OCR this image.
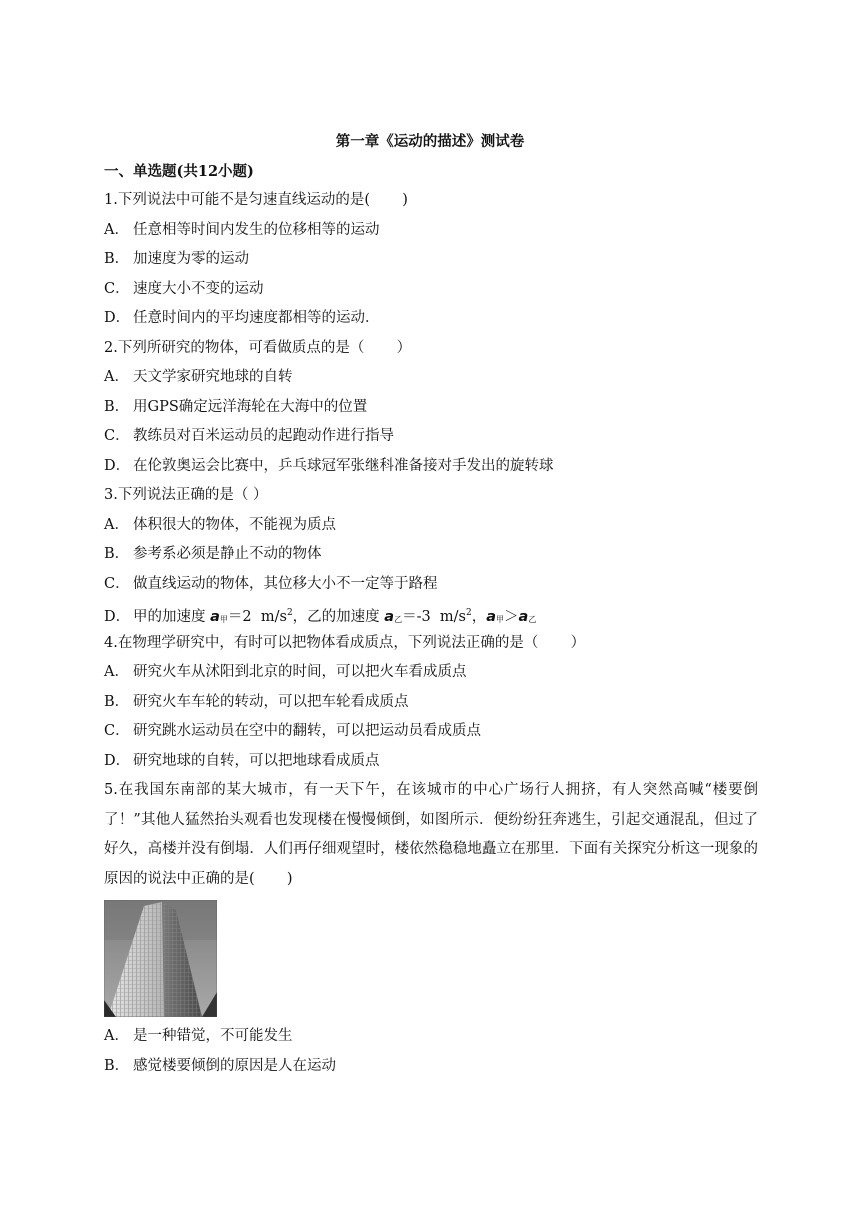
第一章《运动的描述》测试卷
一、单选题(共12小题)
1.下列说法中可能不是匀速直线运动的是(       )
A． 任意相等时间内发生的位移相等的运动
B． 加速度为零的运动
C． 速度大小不变的运动
D． 任意时间内的平均速度都相等的运动．
2.下列所研究的物体，可看做质点的是（       ）
A． 天文学家研究地球的自转
B． 用GPS确定远洋海轮在大海中的位置
C． 教练员对百米运动员的起跑动作进行指导
D． 在伦敦奥运会比赛中，乒乓球冠军张继科准备接对手发出的旋转球
3.下列说法正确的是（ ）
A． 体积很大的物体，不能视为质点
B． 参考系必须是静止不动的物体
C． 做直线运动的物体，其位移大小不一定等于路程
D． 甲的加速度 $a_甲=2$  $m/s^2$，乙的加速度 $a_乙=-3$  $m/s^2$，$a_甲>a_乙$
4.在物理学研究中，有时可以把物体看成质点，下列说法正确的是（       ）
A． 研究火车从沭阳到北京的时间，可以把火车看成质点
B． 研究火车车轮的转动，可以把车轮看成质点
C． 研究跳水运动员在空中的翻转，可以把运动员看成质点
D． 研究地球的自转，可以把地球看成质点
5.在我国东南部的某大城市，有一天下午，在该城市的中心广场行人拥挤，有人突然高喊“楼要倒了！”其他人猛然抬头观看也发现楼在慢慢倾倒，如图所示．便纷纷狂奔逃生，引起交通混乱，但过了好久，高楼并没有倒塌．人们再仔细观望时，楼依然稳稳地矗立在那里．下面有关探究分析这一现象的原因的说法中正确的是(       )
A． 是一种错觉，不可能发生
B． 感觉楼要倾倒的原因是人在运动
